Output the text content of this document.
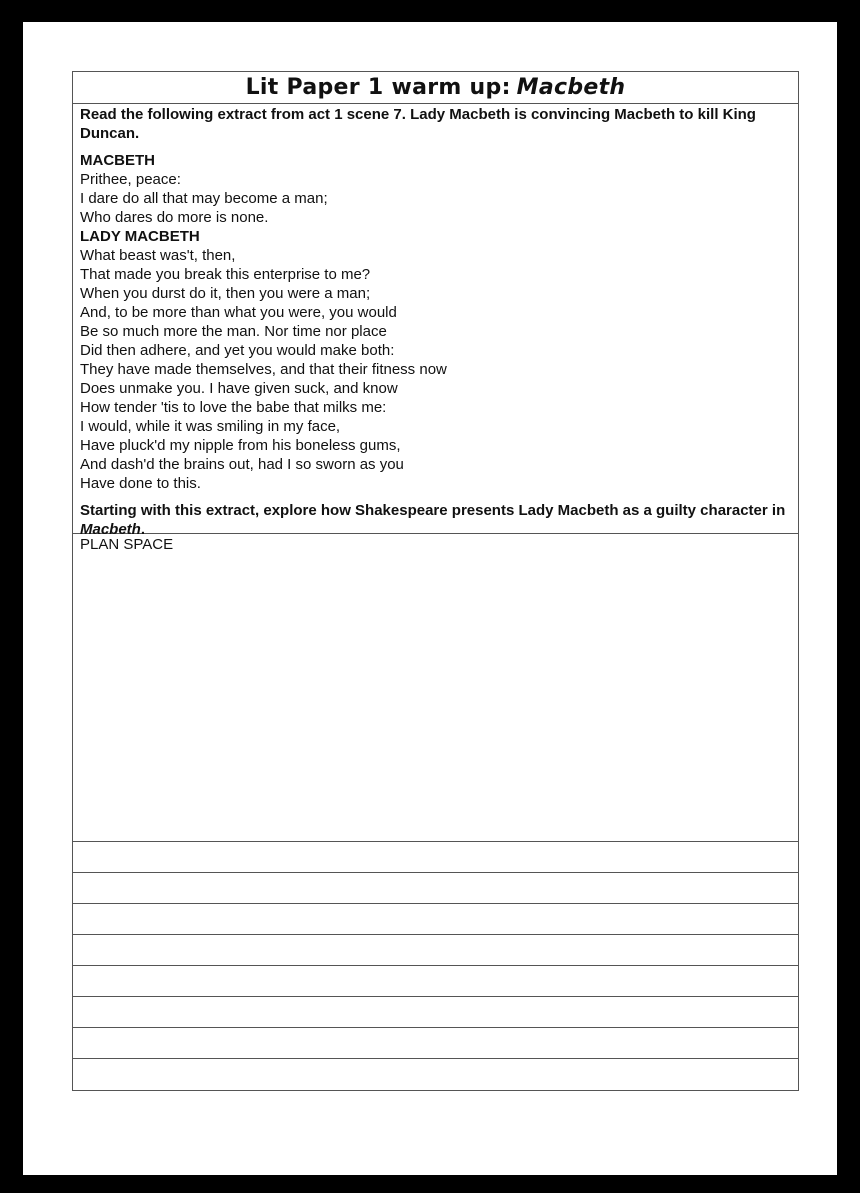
Lit Paper 1 warm up: Macbeth
Read the following extract from act 1 scene 7. Lady Macbeth is convincing Macbeth to kill King Duncan.
MACBETH
Prithee, peace:
I dare do all that may become a man;
Who dares do more is none.
LADY MACBETH
What beast was't, then,
That made you break this enterprise to me?
When you durst do it, then you were a man;
And, to be more than what you were, you would
Be so much more the man. Nor time nor place
Did then adhere, and yet you would make both:
They have made themselves, and that their fitness now
Does unmake you. I have given suck, and know
How tender 'tis to love the babe that milks me:
I would, while it was smiling in my face,
Have pluck'd my nipple from his boneless gums,
And dash'd the brains out, had I so sworn as you
Have done to this.
Starting with this extract, explore how Shakespeare presents Lady Macbeth as a guilty character in Macbeth.
PLAN SPACE
